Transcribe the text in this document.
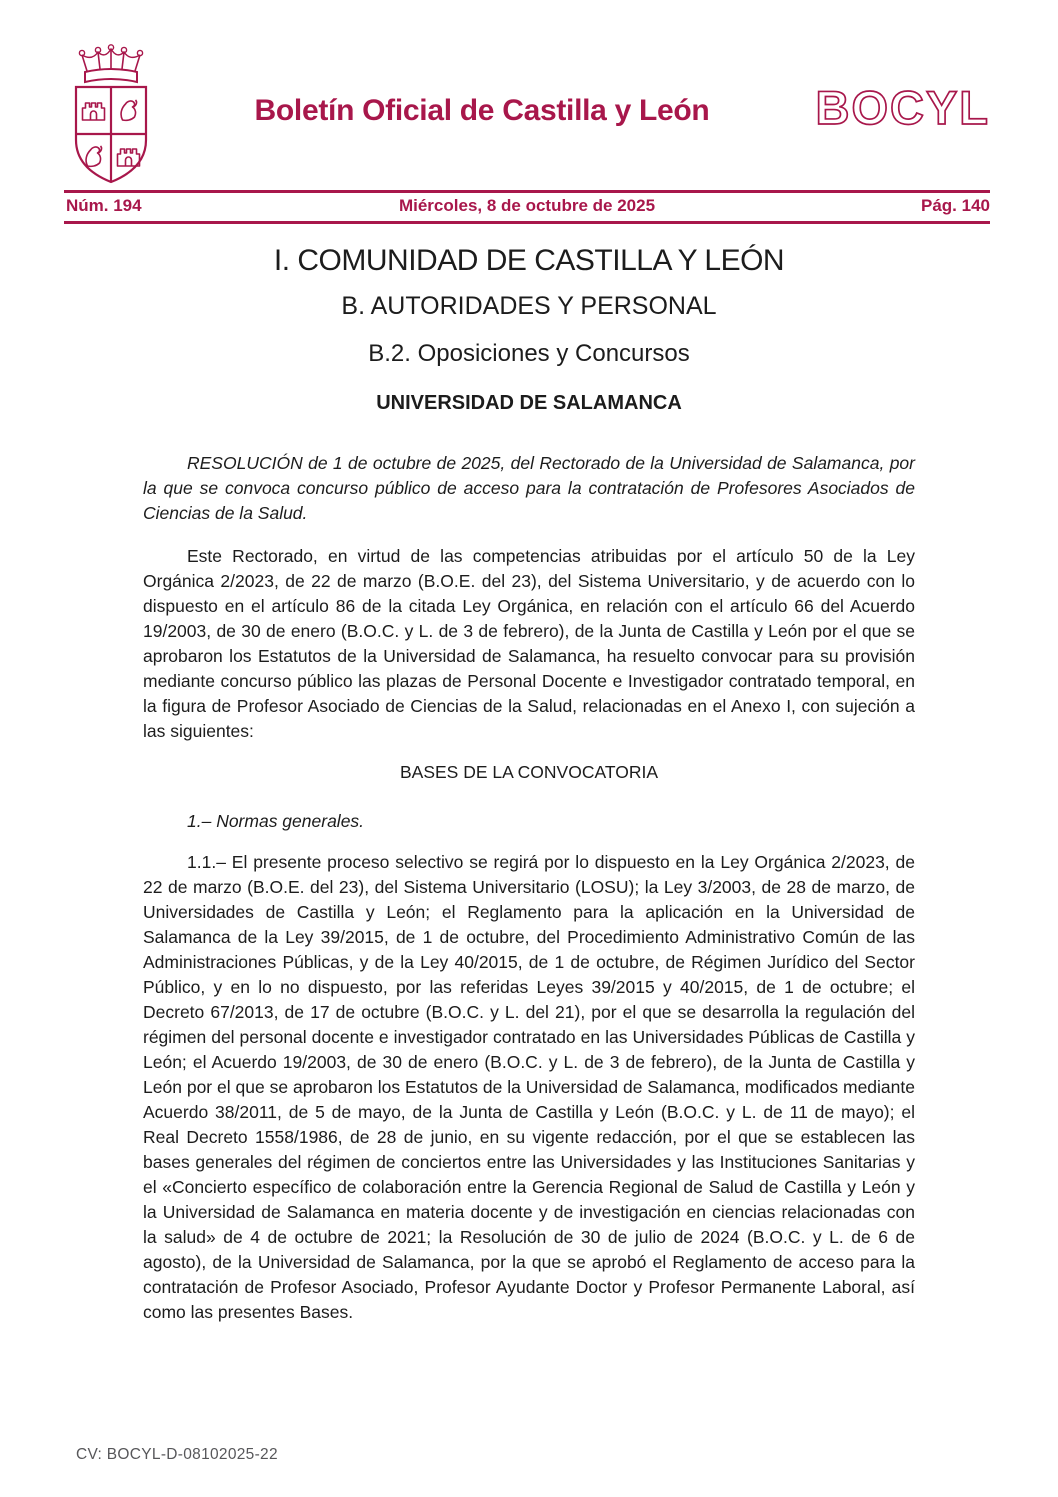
Boletín Oficial de Castilla y León	BOCYL
Núm. 194	Miércoles, 8 de octubre de 2025	Pág. 140
I. COMUNIDAD DE CASTILLA Y LEÓN
B. AUTORIDADES Y PERSONAL
B.2. Oposiciones y Concursos
UNIVERSIDAD DE SALAMANCA

RESOLUCIÓN de 1 de octubre de 2025, del Rectorado de la Universidad de Salamanca, por la que se convoca concurso público de acceso para la contratación de Profesores Asociados de Ciencias de la Salud.

Este Rectorado, en virtud de las competencias atribuidas por el artículo 50 de la Ley Orgánica 2/2023, de 22 de marzo (B.O.E. del 23), del Sistema Universitario, y de acuerdo con lo dispuesto en el artículo 86 de la citada Ley Orgánica, en relación con el artículo 66 del Acuerdo 19/2003, de 30 de enero (B.O.C. y L. de 3 de febrero), de la Junta de Castilla y León por el que se aprobaron los Estatutos de la Universidad de Salamanca, ha resuelto convocar para su provisión mediante concurso público las plazas de Personal Docente e Investigador contratado temporal, en la figura de Profesor Asociado de Ciencias de la Salud, relacionadas en el Anexo I, con sujeción a las siguientes:

BASES DE LA CONVOCATORIA

1.– Normas generales.

1.1.– El presente proceso selectivo se regirá por lo dispuesto en la Ley Orgánica 2/2023, de 22 de marzo (B.O.E. del 23), del Sistema Universitario (LOSU); la Ley 3/2003, de 28 de marzo, de Universidades de Castilla y León; el Reglamento para la aplicación en la Universidad de Salamanca de la Ley 39/2015, de 1 de octubre, del Procedimiento Administrativo Común de las Administraciones Públicas, y de la Ley 40/2015, de 1 de octubre, de Régimen Jurídico del Sector Público, y en lo no dispuesto, por las referidas Leyes 39/2015 y 40/2015, de 1 de octubre; el Decreto 67/2013, de 17 de octubre (B.O.C. y L. del 21), por el que se desarrolla la regulación del régimen del personal docente e investigador contratado en las Universidades Públicas de Castilla y León; el Acuerdo 19/2003, de 30 de enero (B.O.C. y L. de 3 de febrero), de la Junta de Castilla y León por el que se aprobaron los Estatutos de la Universidad de Salamanca, modificados mediante Acuerdo 38/2011, de 5 de mayo, de la Junta de Castilla y León (B.O.C. y L. de 11 de mayo); el Real Decreto 1558/1986, de 28 de junio, en su vigente redacción, por el que se establecen las bases generales del régimen de conciertos entre las Universidades y las Instituciones Sanitarias y el «Concierto específico de colaboración entre la Gerencia Regional de Salud de Castilla y León y la Universidad de Salamanca en materia docente y de investigación en ciencias relacionadas con la salud» de 4 de octubre de 2021; la Resolución de 30 de julio de 2024 (B.O.C. y L. de 6 de agosto), de la Universidad de Salamanca, por la que se aprobó el Reglamento de acceso para la contratación de Profesor Asociado, Profesor Ayudante Doctor y Profesor Permanente Laboral, así como las presentes Bases.

CV: BOCYL-D-08102025-22
